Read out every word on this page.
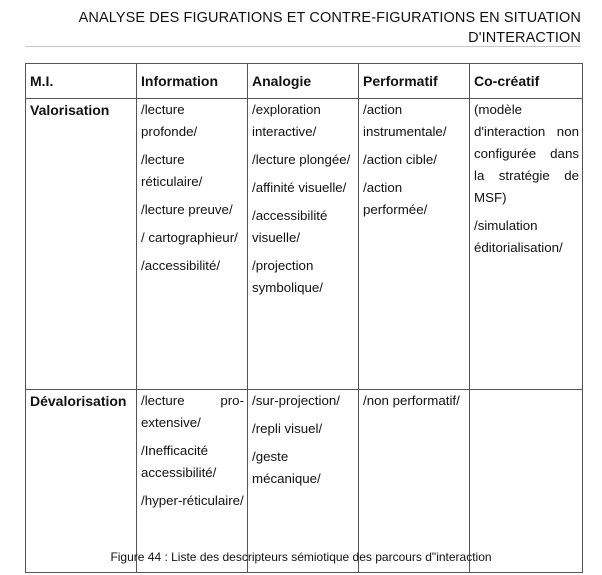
ANALYSE DES FIGURATIONS ET CONTRE-FIGURATIONS EN SITUATION
D'INTERACTION
M.I.	Information	Analogie	Performatif	Co-créatif
Valorisation	/lecture profonde/
/lecture réticulaire/
/lecture preuve/
/ cartographieur/
/accessibilité/	/exploration interactive/
/lecture plongée/
/affinité visuelle/
/accessibilité visuelle/
/projection symbolique/	/action instrumentale/
/action cible/
/action performée/	(modèle d'interaction non configurée dans la stratégie de MSF)
/simulation éditorialisation/

Dévalorisation	/lecture pro-extensive/
/Inefficacité accessibilité/
/hyper-réticulaire/	/sur-projection/
/repli visuel/
/geste mécanique/	/non performatif/	

Figure 44 : Liste des descripteurs sémiotique des parcours d"interaction
